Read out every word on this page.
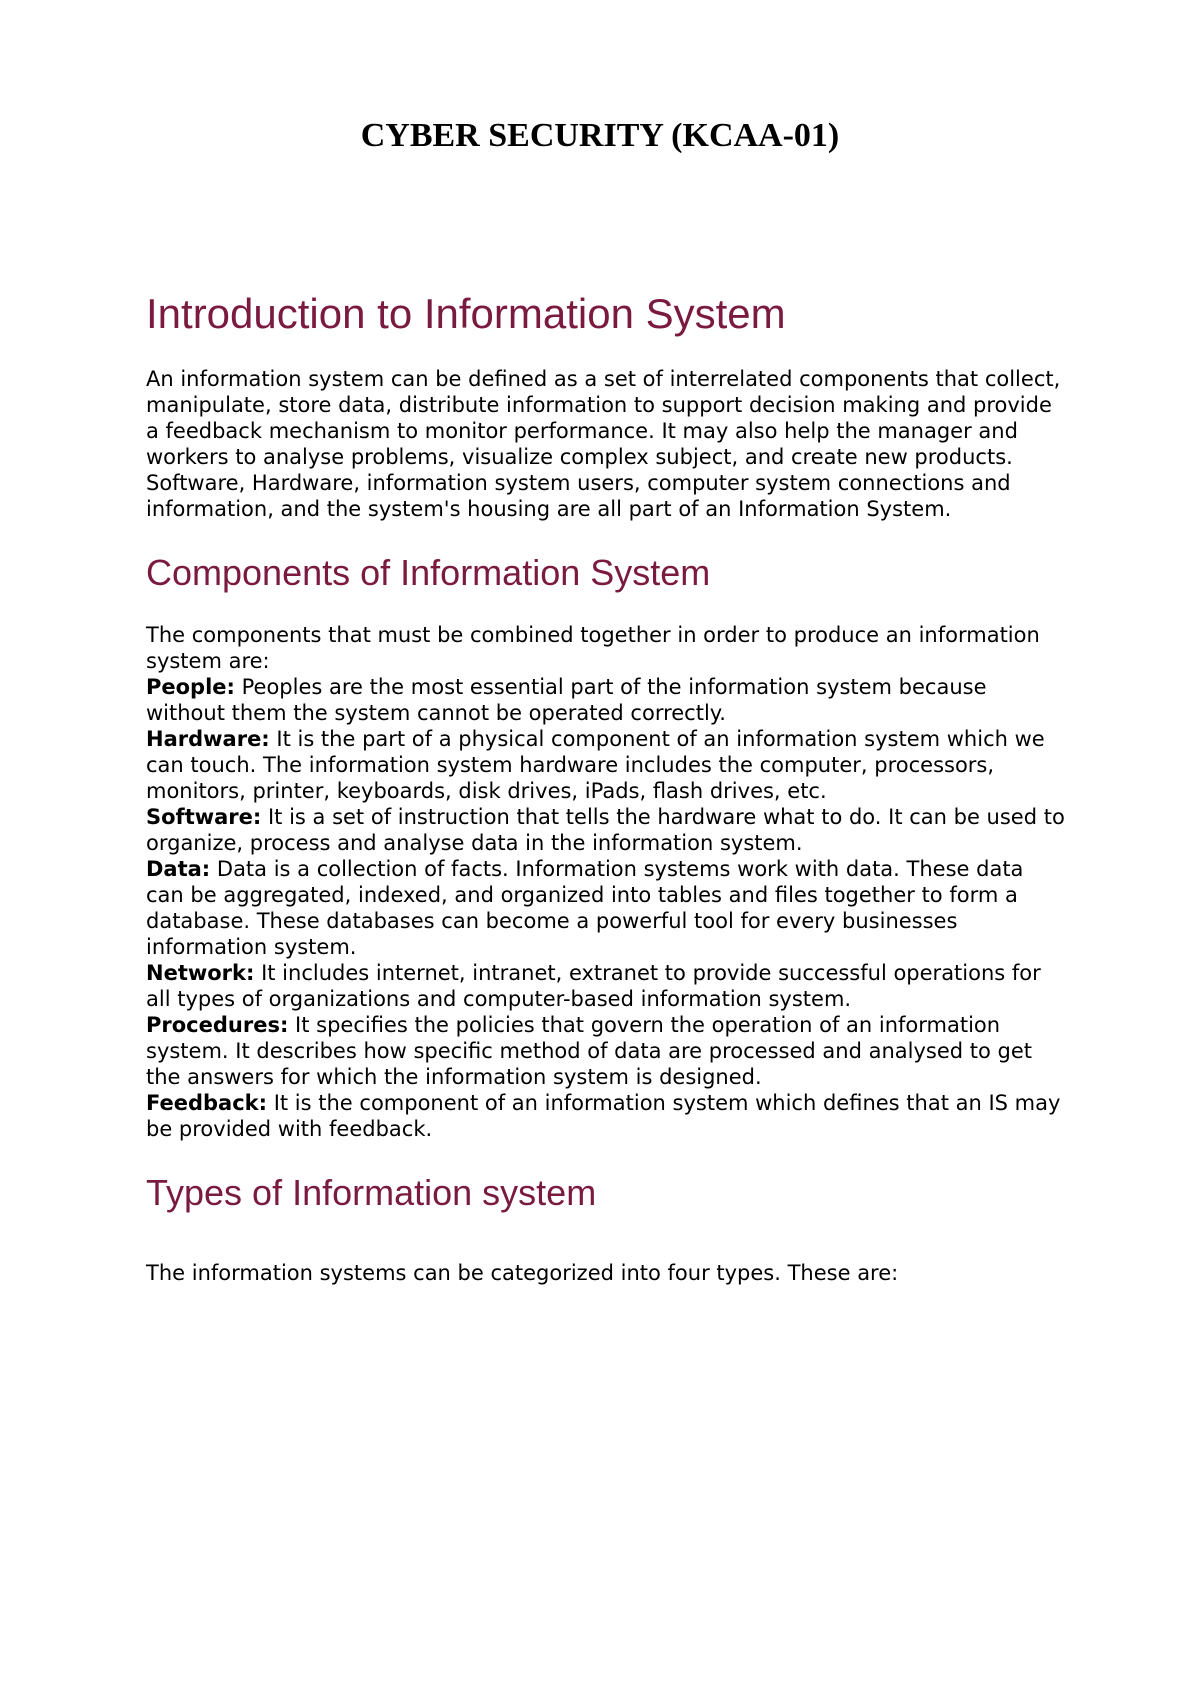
CYBER SECURITY (KCAA-01)
Introduction to Information System

An information system can be defined as a set of interrelated components that collect, manipulate, store data, distribute information to support decision making and provide a feedback mechanism to monitor performance. It may also help the manager and workers to analyse problems, visualize complex subject, and create new products. Software, Hardware, information system users, computer system connections and information, and the system's housing are all part of an Information System.

Components of Information System

The components that must be combined together in order to produce an information system are:

People: Peoples are the most essential part of the information system because without them the system cannot be operated correctly.

Hardware: It is the part of a physical component of an information system which we can touch. The information system hardware includes the computer, processors, monitors, printer, keyboards, disk drives, iPads, flash drives, etc.

Software: It is a set of instruction that tells the hardware what to do. It can be used to organize, process and analyse data in the information system.

Data: Data is a collection of facts. Information systems work with data. These data can be aggregated, indexed, and organized into tables and files together to form a database. These databases can become a powerful tool for every businesses information system.

Network: It includes internet, intranet, extranet to provide successful operations for all types of organizations and computer-based information system.

Procedures: It specifies the policies that govern the operation of an information system. It describes how specific method of data are processed and analysed to get the answers for which the information system is designed.

Feedback: It is the component of an information system which defines that an IS may be provided with feedback.

Types of Information system

The information systems can be categorized into four types. These are:
